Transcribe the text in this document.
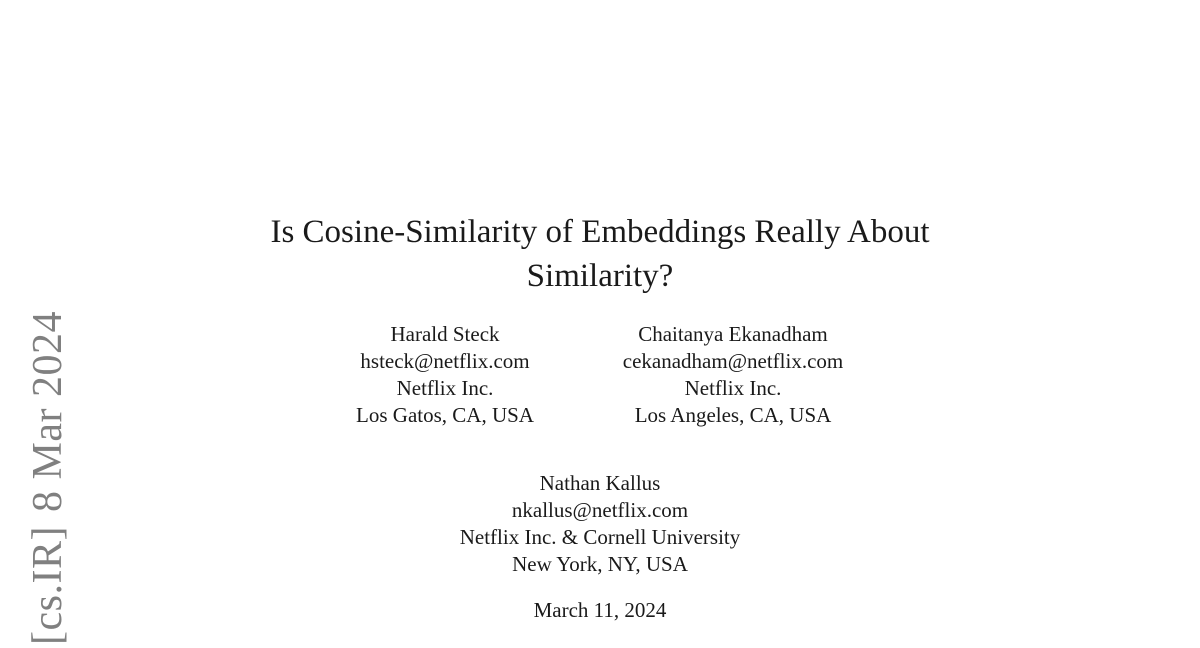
[cs.IR]8 Mar 2024
Is Cosine-Similarity of Embeddings Really About
Similarity?
Harald Steck
hsteck@netflix.com
Netflix Inc.
Los Gatos, CA, USA
Chaitanya Ekanadham
cekanadham@netflix.com
Netflix Inc.
Los Angeles, CA, USA
Nathan Kallus
nkallus@netflix.com
Netflix Inc. & Cornell University
New York, NY, USA
March 11, 2024
